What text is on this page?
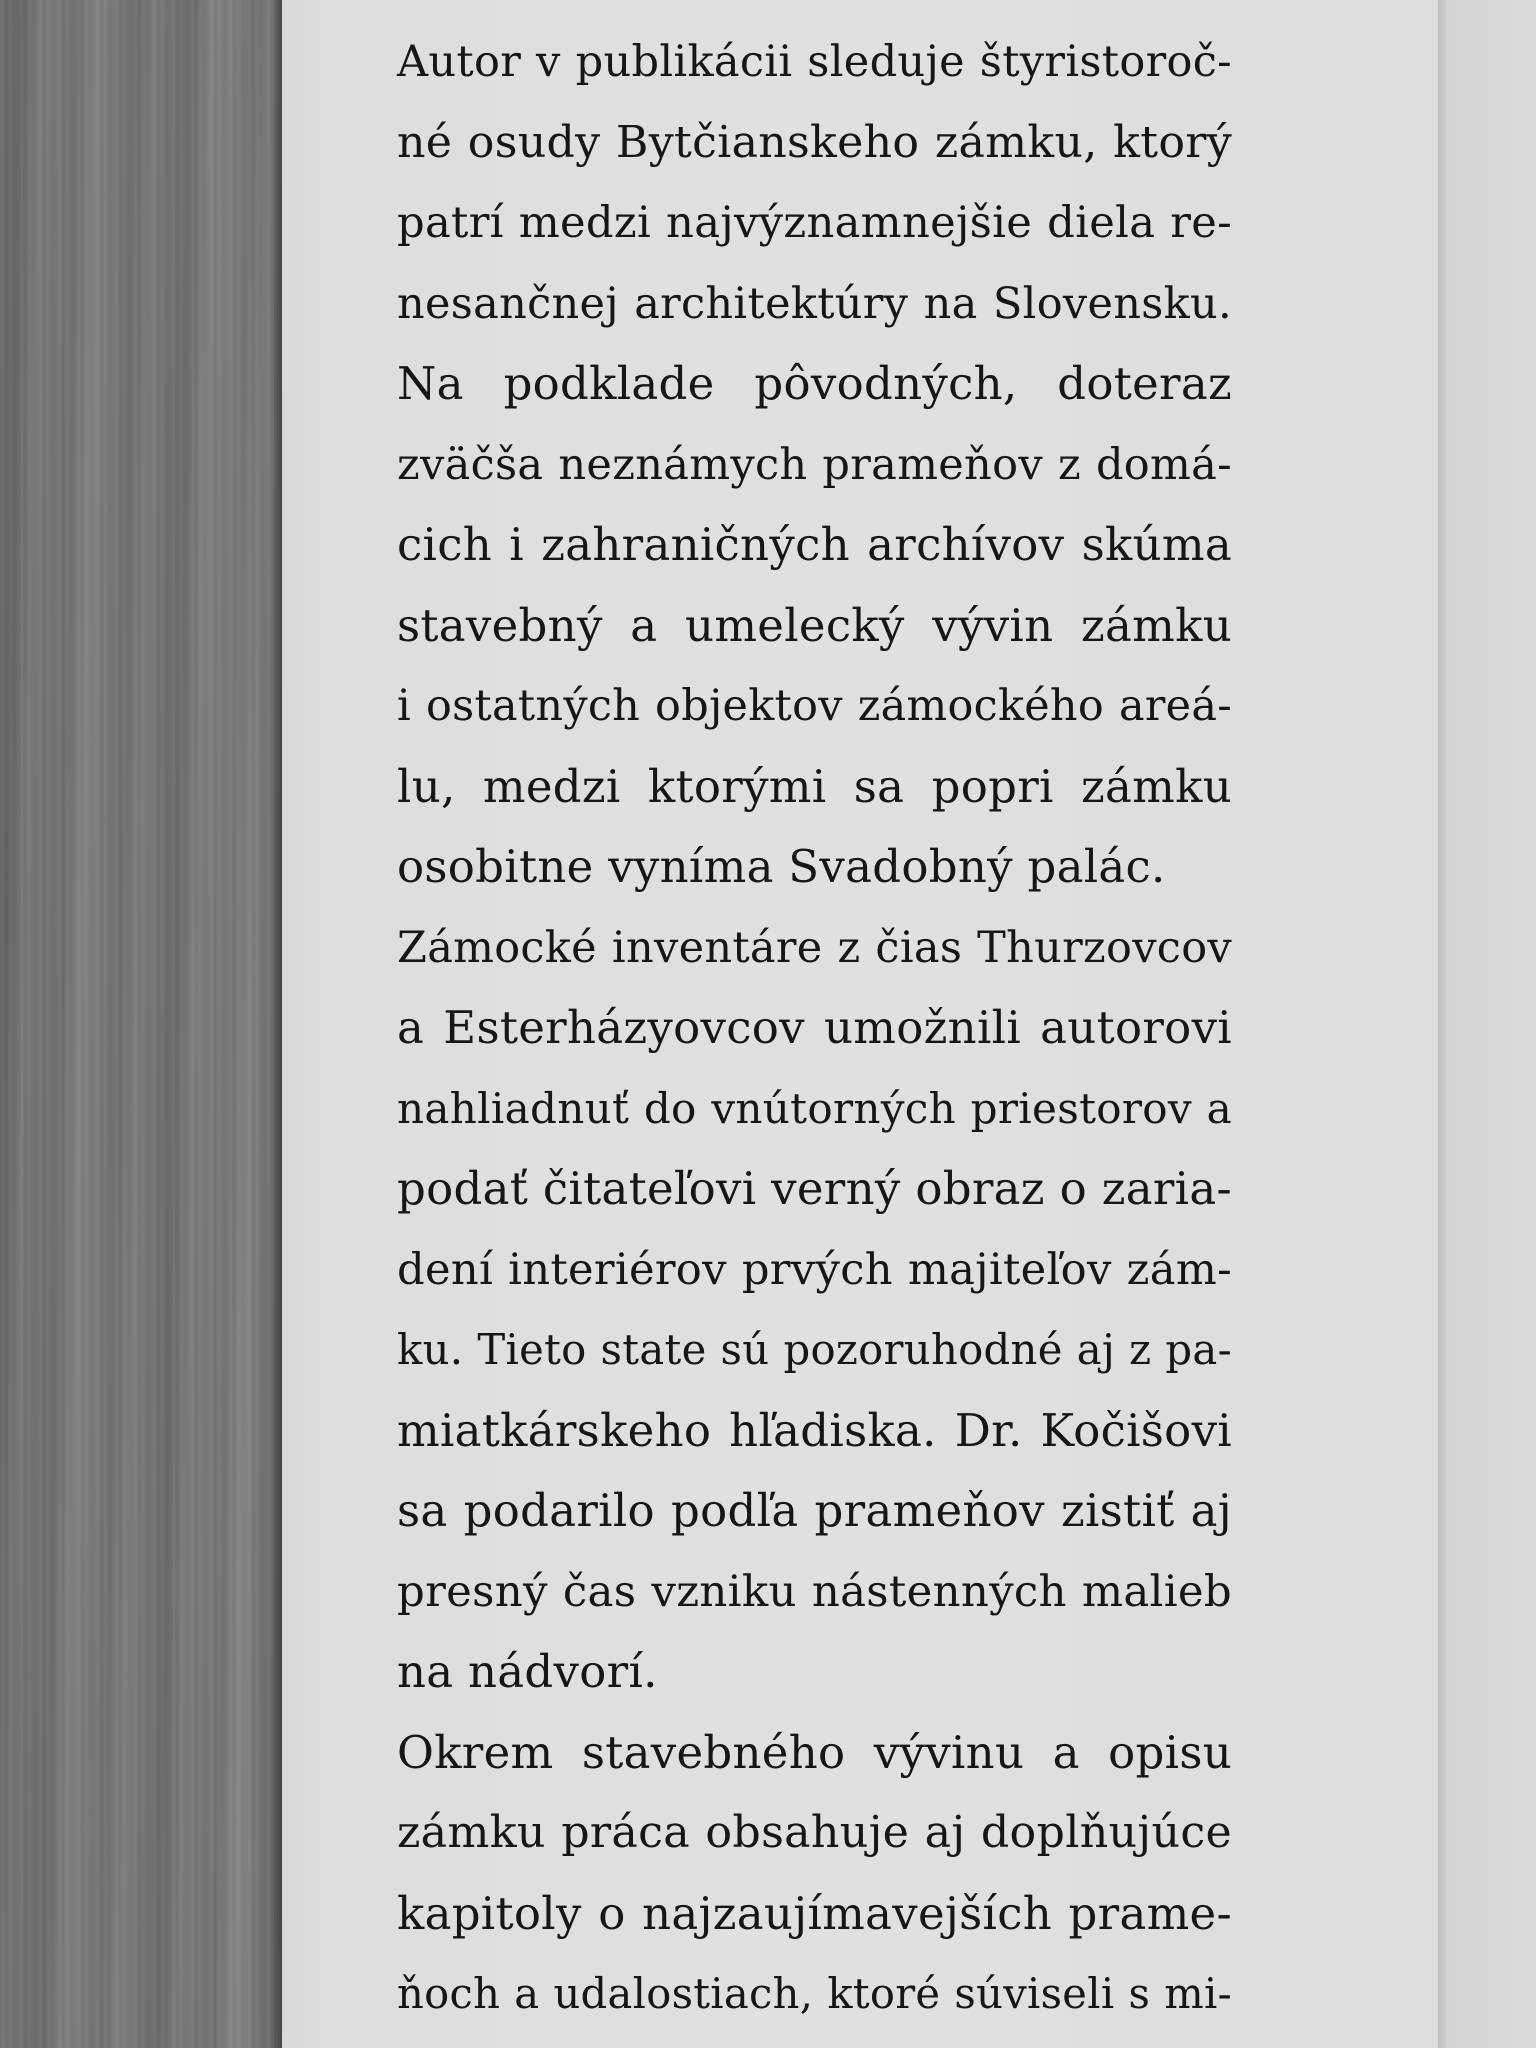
Autor v publikácii sleduje štyristoroč-
né osudy Bytčianskeho zámku, ktorý
patrí medzi najvýznamnejšie diela re-
nesančnej architektúry na Slovensku.
Na podklade pôvodných, doteraz
zväčša neznámych prameňov z domá-
cich i zahraničných archívov skúma
stavebný a umelecký vývin zámku
i ostatných objektov zámockého areá-
lu, medzi ktorými sa popri zámku
osobitne vyníma Svadobný palác.
Zámocké inventáre z čias Thurzovcov
a Esterházyovcov umožnili autorovi
nahliadnuť do vnútorných priestorov a
podať čitateľovi verný obraz o zaria-
dení interiérov prvých majiteľov zám-
ku. Tieto state sú pozoruhodné aj z pa-
miatkárskeho hľadiska. Dr. Kočišovi
sa podarilo podľa prameňov zistiť aj
presný čas vzniku nástenných malieb
na nádvorí.
Okrem stavebného vývinu a opisu
zámku práca obsahuje aj doplňujúce
kapitoly o najzaujímavejších prame-
ňoch a udalostiach, ktoré súviseli s mi-
